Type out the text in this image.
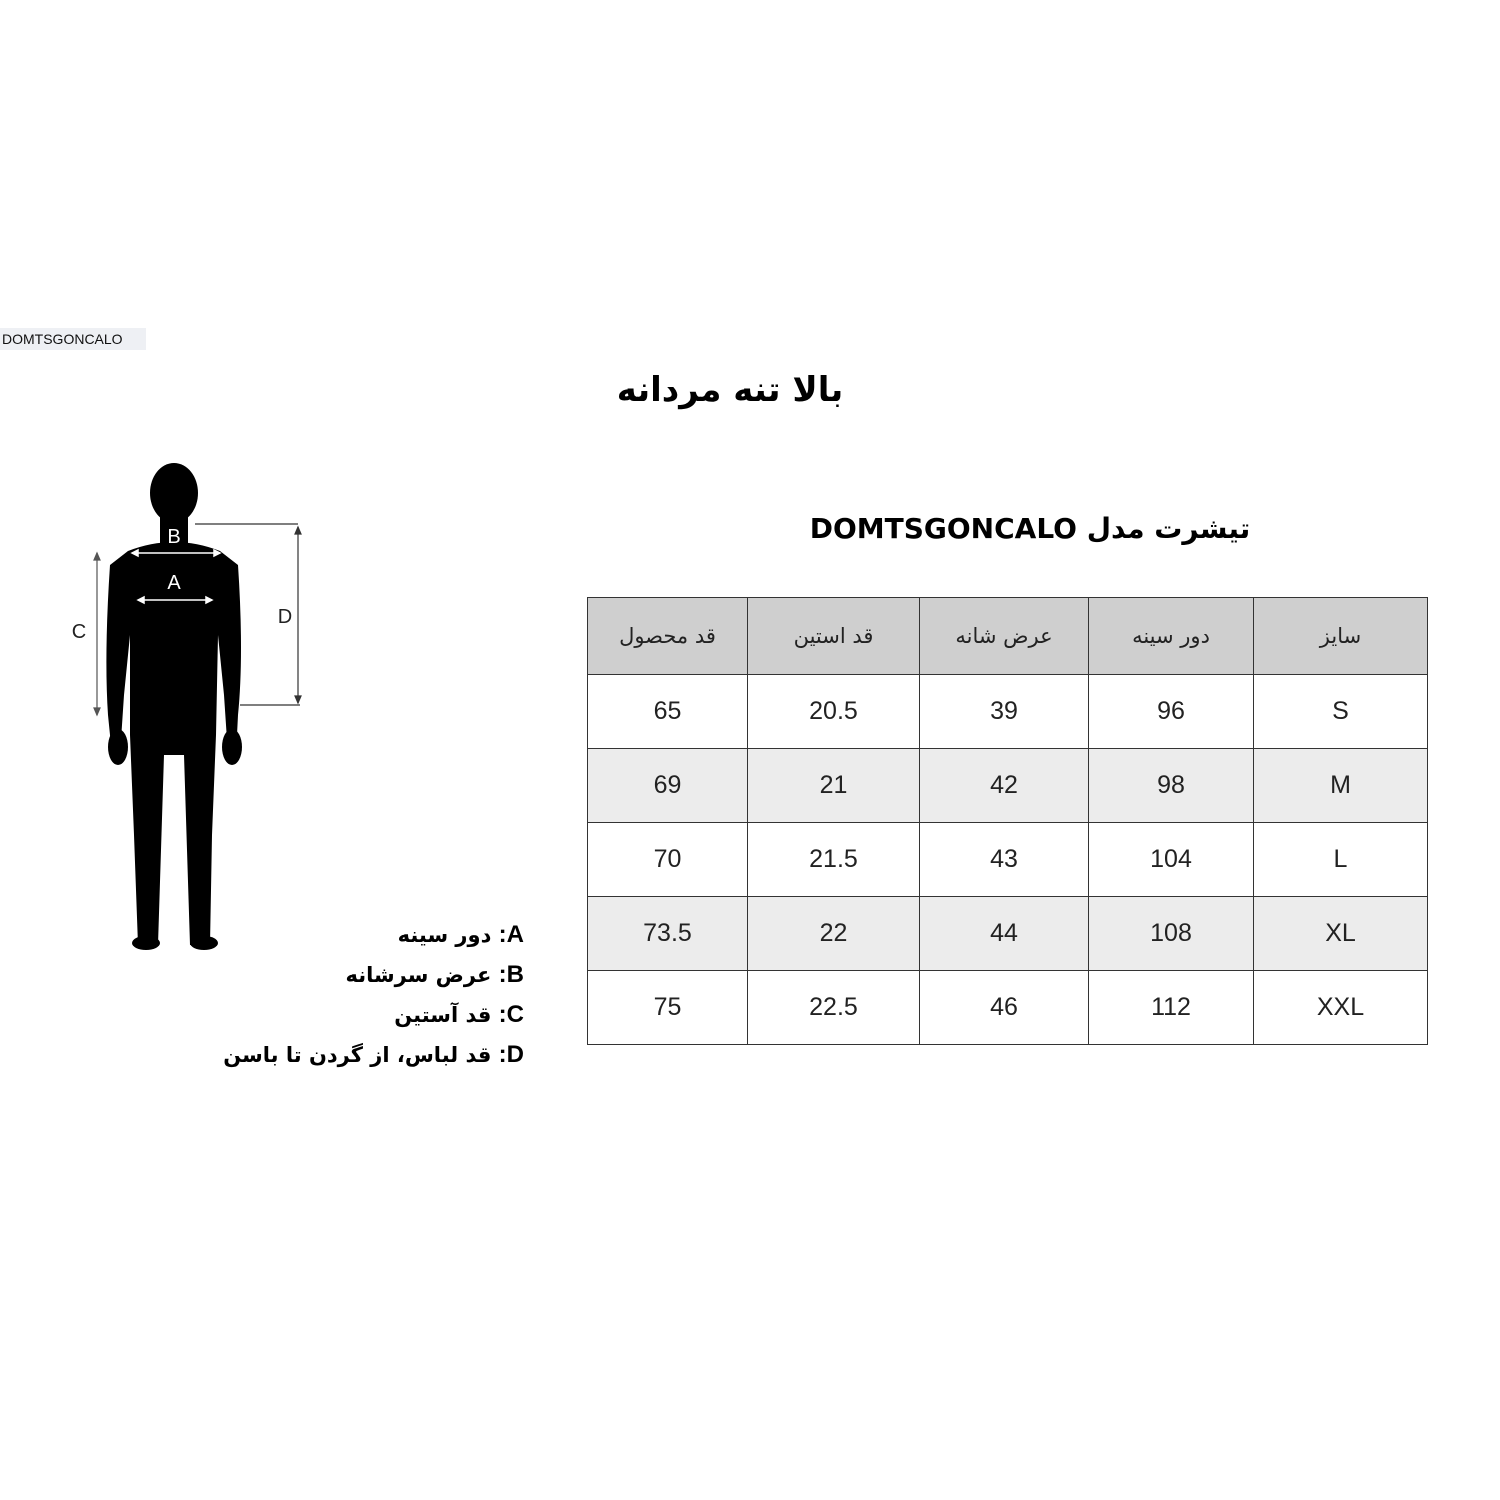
DOMTSGONCALO
بالا تنه مردانه
B
A
C
D
A: دور سینه
B: عرض سرشانه
C: قد آستین
D: قد لباس، از گردن تا باسن
تیشرت مدل DOMTSGONCALO
سایز	دور سینه	عرض شانه	قد استین	قد محصول
S	96	39	20.5	65
M	98	42	21	69
L	104	43	21.5	70
XL	108	44	22	73.5
XXL	112	46	22.5	75
